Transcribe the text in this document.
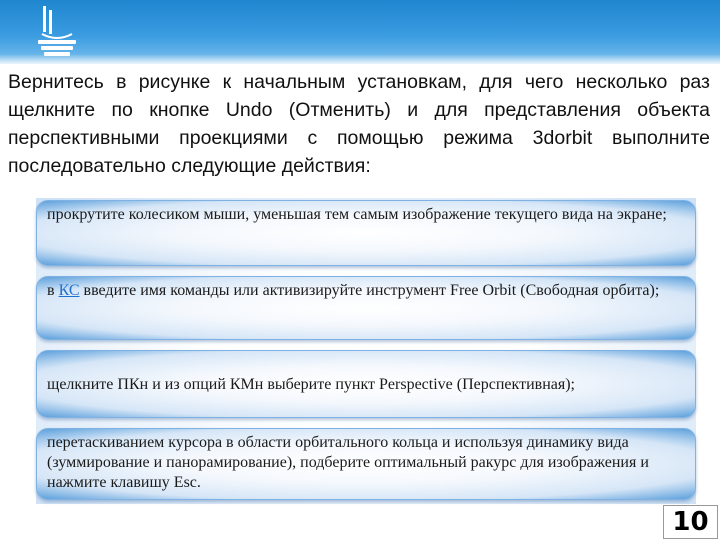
Вернитесь в рисунке к начальным установкам, для чего несколько раз щелкните по кнопке Undo (Отменить) и для представления объекта перспективными проекциями с помощью режима 3dorbit выполните последовательно следующие действия:
прокрутите колесиком мыши, уменьшая тем самым изображение текущего вида на экране;
в КС введите имя команды или активизируйте инструмент Free Orbit (Свободная орбита);
щелкните ПКн и из опций КМн выберите пункт Perspective (Перспективная);
перетаскиванием курсора в области орбитального кольца и используя динамику вида (зуммирование и панорамирование), подберите оптимальный ракурс для изображения и нажмите клавишу Esc.
10
